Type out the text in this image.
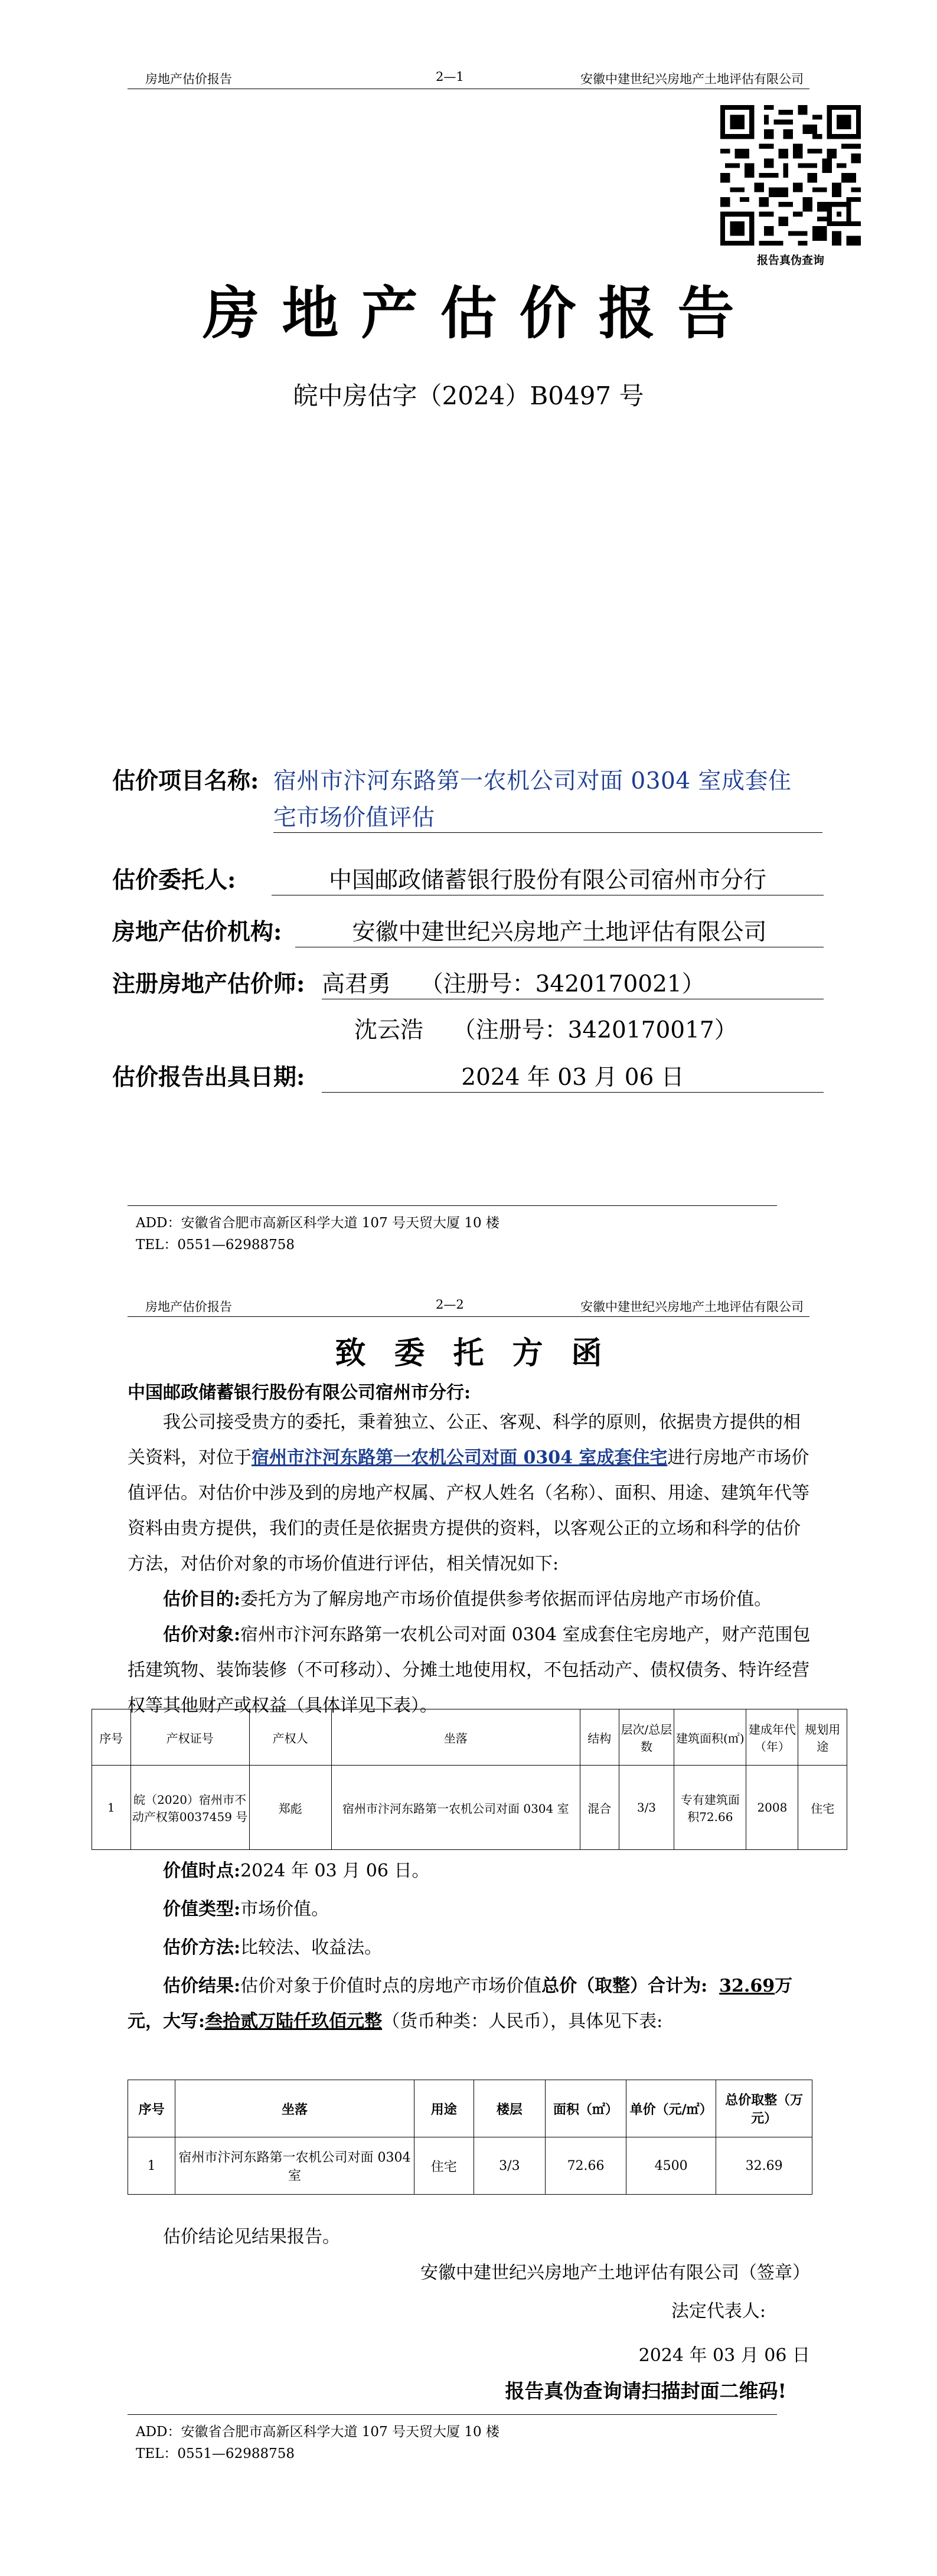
房地产估价报告	2—1	安徽中建世纪兴房地产土地评估有限公司
报告真伪查询
房地产估价报告
皖中房估字（2024）B0497 号
估价项目名称: 宿州市汴河东路第一农机公司对面 0304 室成套住
宅市场价值评估
估价委托人:	中国邮政储蓄银行股份有限公司宿州市分行
房地产估价机构:	安徽中建世纪兴房地产土地评估有限公司
注册房地产估价师: 高君勇    （注册号：3420170021）
沈云浩    （注册号：3420170017）
估价报告出具日期:	2024 年 03 月 06 日
ADD：安徽省合肥市高新区科学大道 107 号天贸大厦 10 楼
TEL：0551—62988758
房地产估价报告	2—2	安徽中建世纪兴房地产土地评估有限公司
致委托方函
中国邮政储蓄银行股份有限公司宿州市分行:
我公司接受贵方的委托，秉着独立、公正、客观、科学的原则，依据贵方提供的相关资料，对位于宿州市汴河东路第一农机公司对面 0304 室成套住宅进行房地产市场价值评估。对估价中涉及到的房地产权属、产权人姓名（名称）、面积、用途、建筑年代等资料由贵方提供，我们的责任是依据贵方提供的资料，以客观公正的立场和科学的估价方法，对估价对象的市场价值进行评估，相关情况如下:
估价目的:委托方为了解房地产市场价值提供参考依据而评估房地产市场价值。
估价对象:宿州市汴河东路第一农机公司对面 0304 室成套住宅房地产，财产范围包括建筑物、装饰装修（不可移动）、分摊土地使用权，不包括动产、债权债务、特许经营权等其他财产或权益（具体详见下表）。
序号	产权证号	产权人	坐落	结构	层次/总层数	建筑面积(㎡)	建成年代（年）	规划用途
1	皖（2020）宿州市不动产权第0037459 号	郑彪	宿州市汴河东路第一农机公司对面 0304 室	混合	3/3	专有建筑面积72.66	2008	住宅
价值时点:2024 年 03 月 06 日。
价值类型:市场价值。
估价方法:比较法、收益法。
估价结果:估价对象于价值时点的房地产市场价值总价（取整）合计为: 32.69万元，大写:叁拾贰万陆仟玖佰元整（货币种类：人民币），具体见下表:
序号	坐落	用途	楼层	面积（㎡）	单价（元/㎡）	总价取整（万元）
1	宿州市汴河东路第一农机公司对面 0304 室	住宅	3/3	72.66	4500	32.69
估价结论见结果报告。
安徽中建世纪兴房地产土地评估有限公司（签章）
法定代表人:
2024 年 03 月 06 日
报告真伪查询请扫描封面二维码!
ADD：安徽省合肥市高新区科学大道 107 号天贸大厦 10 楼
TEL：0551—62988758
